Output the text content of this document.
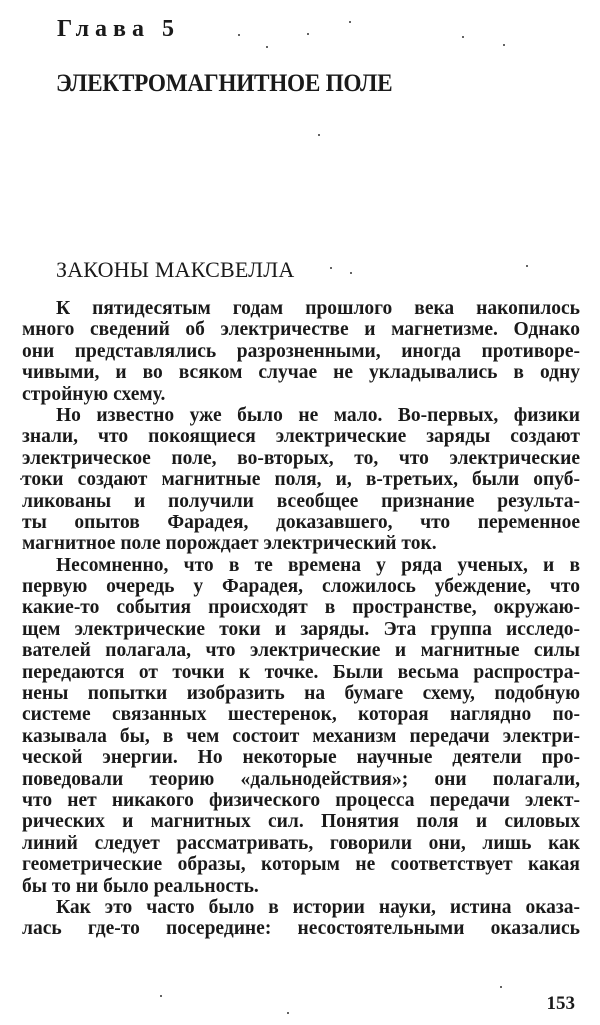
Глава 5
ЭЛЕКТРОМАГНИТНОЕ ПОЛЕ
ЗАКОНЫ МАКСВЕЛЛА
К пятидесятым годам прошлого века накопилось
много сведений об электричестве и магнетизме. Однако
они представлялись разрозненными, иногда противоре-
чивыми, и во всяком случае не укладывались в одну
стройную схему.
Но известно уже было не мало. Во-первых, физики
знали, что покоящиеся электрические заряды создают
электрическое поле, во-вторых, то, что электрические
токи создают магнитные поля, и, в-третьих, были опуб-
ликованы и получили всеобщее признание результа-
ты опытов Фарадея, доказавшего, что переменное
магнитное поле порождает электрический ток.
Несомненно, что в те времена у ряда ученых, и в
первую очередь у Фарадея, сложилось убеждение, что
какие-то события происходят в пространстве, окружаю-
щем электрические токи и заряды. Эта группа исследо-
вателей полагала, что электрические и магнитные силы
передаются от точки к точке. Были весьма распростра-
нены попытки изобразить на бумаге схему, подобную
системе связанных шестеренок, которая наглядно по-
казывала бы, в чем состоит механизм передачи электри-
ческой энергии. Но некоторые научные деятели про-
поведовали теорию «дальнодействия»; они полагали,
что нет никакого физического процесса передачи элект-
рических и магнитных сил. Понятия поля и силовых
линий следует рассматривать, говорили они, лишь как
геометрические образы, которым не соответствует какая
бы то ни было реальность.
Как это часто было в истории науки, истина оказа-
лась где-то посередине: несостоятельными оказались
153
